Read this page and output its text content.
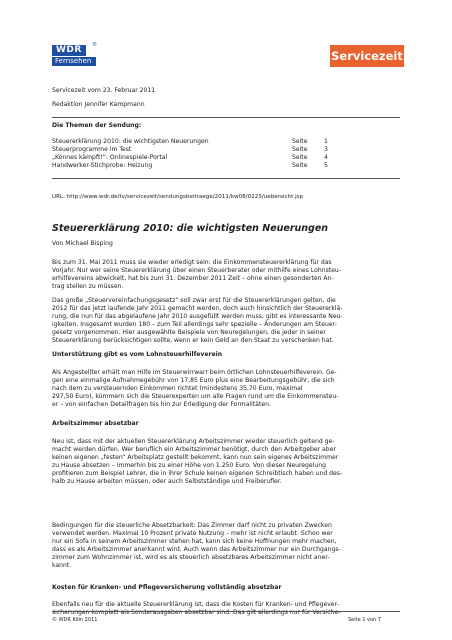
WDR
Fernsehen
®
Servicezeit
Servicezeit vom 23. Februar 2011
Redaktion Jennifer Kampmann
Die Themen der Sendung:
Steuererklärung 2010: die wichtigsten Neuerungen	Seite	1
Steuerprogramme im Test	Seite	3
„Könnes kämpft!“: Onlinespiele-Portal	Seite	4
Handwerker-Stichprobe: Heizung	Seite	5
URL: http://www.wdr.de/tv/servicezeit/sendungsbeitraege/2011/kw08/0223/uebersicht.jsp
Steuererklärung 2010: die wichtigsten Neuerungen
Von Michael Bisping
Bis zum 31. Mai 2011 muss sie wieder erledigt sein: die Einkommensteuererklärung für das
Vorjahr. Nur wer seine Steuererklärung über einen Steuerberater oder mithilfe eines Lohnsteu-
erhilfevereins abwickelt, hat bis zum 31. Dezember 2011 Zeit – ohne einen gesonderten An-
trag stellen zu müssen.
Das große „Steuervereinfachungsgesetz“ soll zwar erst für die Steuererklärungen gelten, die
2012 für das jetzt laufende Jahr 2011 gemacht werden, doch auch hinsichtlich der Steuererklä-
rung, die nun für das abgelaufene Jahr 2010 ausgefüllt werden muss, gibt es interessante Neu-
igkeiten. Insgesamt wurden 180 – zum Teil allerdings sehr spezielle – Änderungen am Steuer-
gesetz vorgenommen. Hier ausgewählte Beispiele von Neuregelungen, die jeder in seiner
Steuererklärung berücksichtigen sollte, wenn er kein Geld an den Staat zu verschenken hat.
Unterstützung gibt es vom Lohnsteuerhilfeverein
Als Angestellter erhält man Hilfe im Steuerwirrwarr beim örtlichen Lohnsteuerhilfeverein. Ge-
gen eine einmalige Aufnahmegebühr von 17,85 Euro plus eine Bearbeitungsgebühr, die sich
nach dem zu versteuernden Einkommen richtet (mindestens 35,70 Euro, maximal
297,50 Euro), kümmern sich die Steuerexperten um alle Fragen rund um die Einkommensteu-
er – von einfachen Detailfragen bis hin zur Erledigung der Formalitäten.
Arbeitszimmer absetzbar
Neu ist, dass mit der aktuellen Steuererklärung Arbeitszimmer wieder steuerlich geltend ge-
macht werden dürfen. Wer beruflich ein Arbeitszimmer benötigt, durch den Arbeitgeber aber
keinen eigenen „festen“ Arbeitsplatz gestellt bekommt, kann nun sein eigenes Arbeitszimmer
zu Hause absetzen – immerhin bis zu einer Höhe von 1.250 Euro. Von dieser Neuregelung
profitieren zum Beispiel Lehrer, die in ihrer Schule keinen eigenen Schreibtisch haben und des-
halb zu Hause arbeiten müssen, oder auch Selbstständige und Freiberufler.
Bedingungen für die steuerliche Absetzbarkeit: Das Zimmer darf nicht zu privaten Zwecken
verwendet werden. Maximal 10 Prozent private Nutzung – mehr ist nicht erlaubt. Schon wer
nur ein Sofa in seinem Arbeitszimmer stehen hat, kann sich keine Hoffnungen mehr machen,
dass es als Arbeitszimmer anerkannt wird. Auch wenn das Arbeitszimmer nur ein Durchgangs-
zimmer zum Wohnzimmer ist, wird es als steuerlich absetzbares Arbeitszimmer nicht aner-
kannt.
Kosten für Kranken- und Pflegeversicherung vollständig absetzbar
Ebenfalls neu für die aktuelle Steuererklärung ist, dass die Kosten für Kranken- und Pflegever-
sicherungen komplett als Sonderausgaben absetzbar sind. Das gilt allerdings nur für Versiche-
© WDR Köln 2011	Seite 1 von 7
